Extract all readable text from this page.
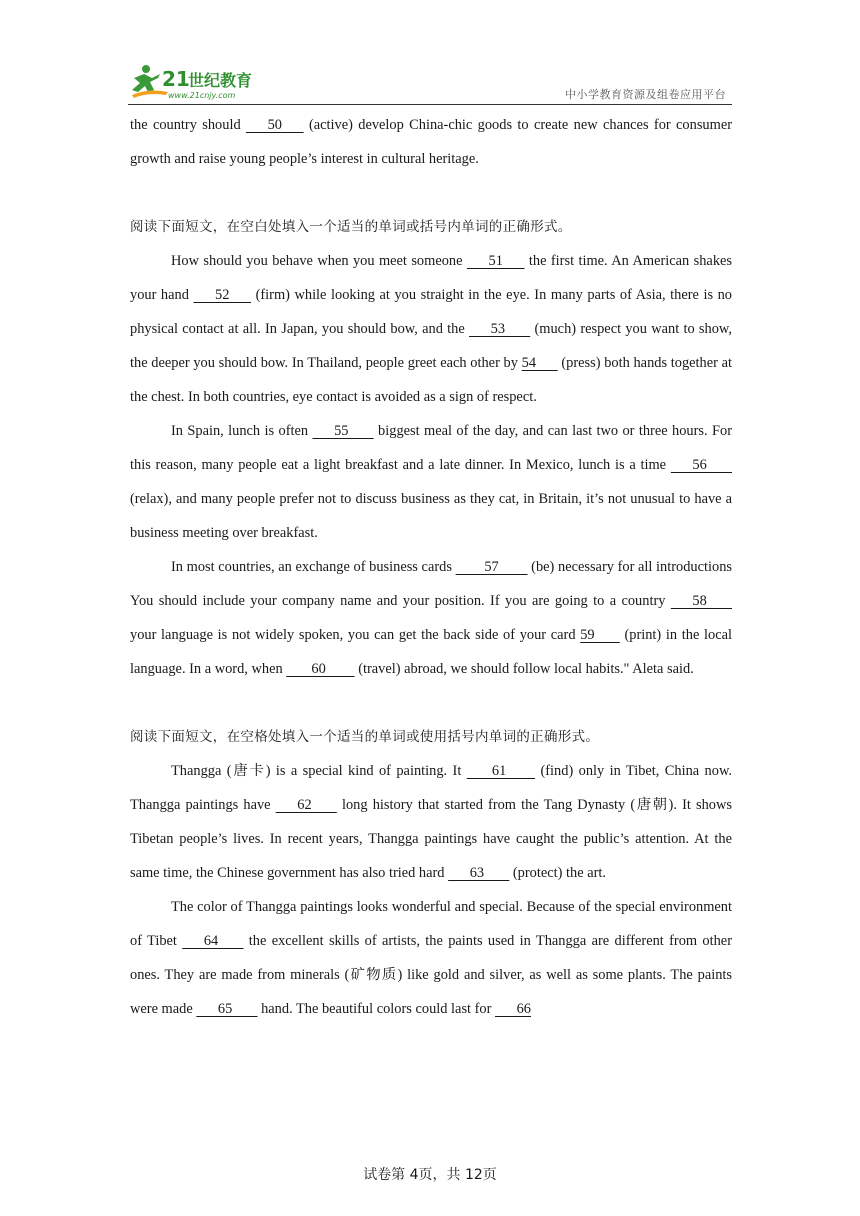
21
世纪教育
www.21cnjy.com	中小学教育资源及组卷应用平台

the country should       50       (active) develop China-chic goods to create new chances for consumer growth and raise young people’s interest in cultural heritage.

阅读下面短文，在空白处填入一个适当的单词或括号内单词的正确形式。

How should you behave when you meet someone       51       the first time. An American shakes your hand       52       (firm) while looking at you straight in the eye. In many parts of Asia, there is no physical contact at all. In Japan, you should bow, and the       53        (much) respect you want to show, the deeper you should bow. In Thailand, people greet each other by 54       (press) both hands together at the chest. In both countries, eye contact is avoided as a sign of respect.

In Spain, lunch is often       55        biggest meal of the day, and can last two or three hours. For this reason, many people eat a light breakfast and a late dinner. In Mexico, lunch is a time       56        (relax), and many people prefer not to discuss business as they cat, in Britain, it’s not unusual to have a business meeting over breakfast.

In most countries, an exchange of business cards         57         (be) necessary for all introductions You should include your company name and your position. If you are going to a country       58        your language is not widely spoken, you can get the back side of your card 59        (print) in the local language. In a word, when        60         (travel) abroad, we should follow local habits." Aleta said.

阅读下面短文，在空格处填入一个适当的单词或使用括号内单词的正确形式。

Thangga (唐卡) is a special kind of painting. It        61         (find) only in Tibet, China now. Thangga paintings have       62        long history that started from the Tang Dynasty (唐朝). It shows Tibetan people’s lives. In recent years, Thangga paintings have caught the public’s attention. At the same time, the Chinese government has also tried hard       63        (protect) the art.

The color of Thangga paintings looks wonderful and special. Because of the special environment of Tibet       64        the excellent skills of artists, the paints used in Thangga are different from other ones. They are made from minerals (矿物质) like gold and silver, as well as some plants. The paints were made       65        hand. The beautiful colors could last for       66

试卷第 4页，共 12页
